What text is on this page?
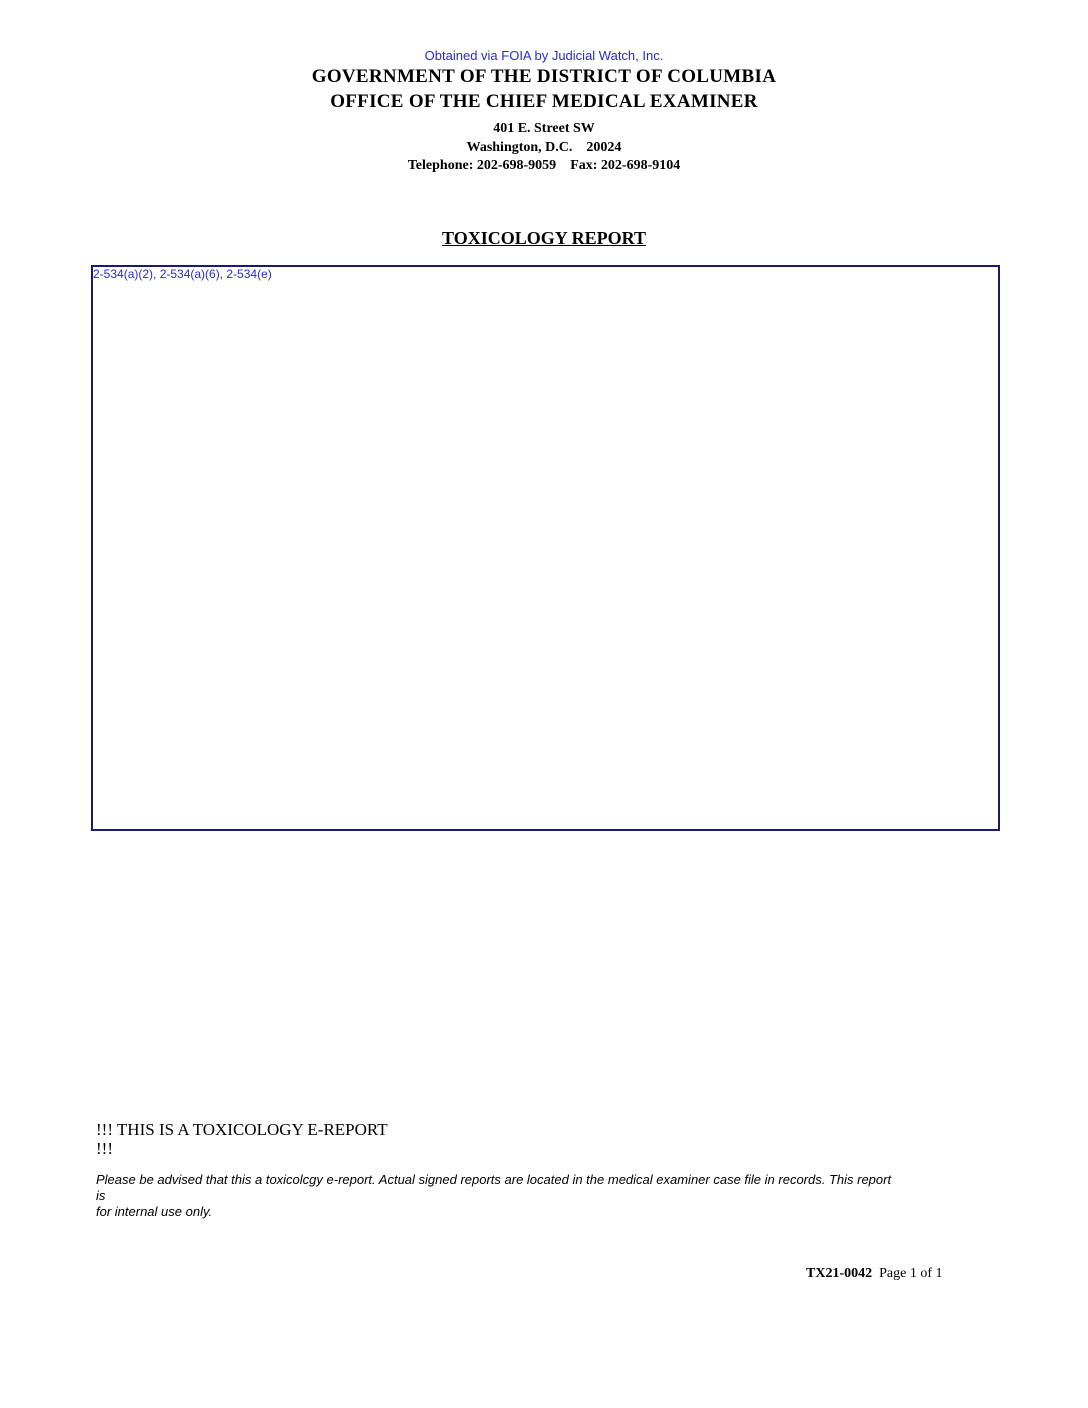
Obtained via FOIA by Judicial Watch, Inc.
GOVERNMENT OF THE DISTRICT OF COLUMBIA
OFFICE OF THE CHIEF MEDICAL EXAMINER
401 E. Street SW
Washington, D.C. 20024
Telephone: 202-698-9059 Fax: 202-698-9104
TOXICOLOGY REPORT
2-534(a)(2), 2-534(a)(6), 2-534(e)
!!! THIS IS A TOXICOLOGY E-REPORT
!!!
Please be advised that this a toxicolcgy e-report. Actual signed reports are located in the medical examiner case file in records. This report
is
for internal use only.
TX21-0042 Page 1 of 1
